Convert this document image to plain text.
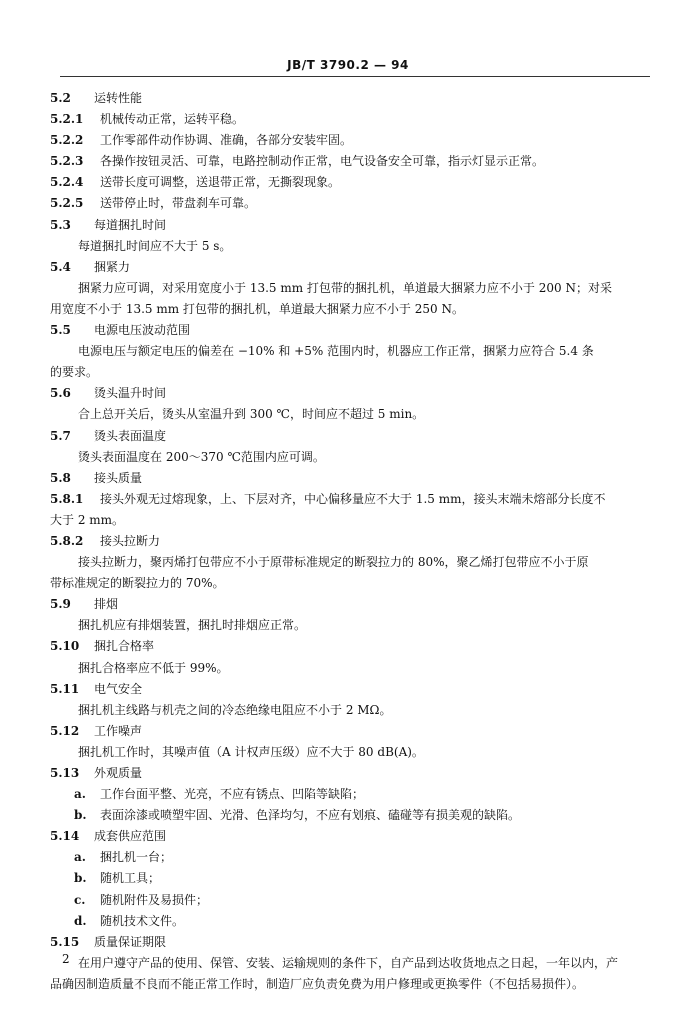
JB/T 3790.2 — 94
5.2 运转性能
5.2.1 机械传动正常，运转平稳。
5.2.2 工作零部件动作协调、准确，各部分安装牢固。
5.2.3 各操作按钮灵活、可靠，电路控制动作正常，电气设备安全可靠，指示灯显示正常。
5.2.4 送带长度可调整，送退带正常，无撕裂现象。
5.2.5 送带停止时，带盘刹车可靠。
5.3 每道捆扎时间
每道捆扎时间应不大于 5 s。
5.4 捆紧力
捆紧力应可调，对采用宽度小于 13.5 mm 打包带的捆扎机，单道最大捆紧力应不小于 200 N；对采
用宽度不小于 13.5 mm 打包带的捆扎机，单道最大捆紧力应不小于 250 N。
5.5 电源电压波动范围
电源电压与额定电压的偏差在 −10% 和 +5% 范围内时，机器应工作正常，捆紧力应符合 5.4 条
的要求。
5.6 烫头温升时间
合上总开关后，烫头从室温升到 300 ℃，时间应不超过 5 min。
5.7 烫头表面温度
烫头表面温度在 200～370 ℃范围内应可调。
5.8 接头质量
5.8.1 接头外观无过熔现象，上、下层对齐，中心偏移量应不大于 1.5 mm，接头末端未熔部分长度不
大于 2 mm。
5.8.2 接头拉断力
接头拉断力，聚丙烯打包带应不小于原带标准规定的断裂拉力的 80%，聚乙烯打包带应不小于原
带标准规定的断裂拉力的 70%。
5.9 排烟
捆扎机应有排烟装置，捆扎时排烟应正常。
5.10 捆扎合格率
捆扎合格率应不低于 99%。
5.11 电气安全
捆扎机主线路与机壳之间的冷态绝缘电阻应不小于 2 MΩ。
5.12 工作噪声
捆扎机工作时，其噪声值（A 计权声压级）应不大于 80 dB(A)。
5.13 外观质量
a. 工作台面平整、光亮，不应有锈点、凹陷等缺陷；
b. 表面涂漆或喷塑牢固、光滑、色泽均匀，不应有划痕、磕碰等有损美观的缺陷。
5.14 成套供应范围
a. 捆扎机一台；
b. 随机工具；
c. 随机附件及易损件；
d. 随机技术文件。
5.15 质量保证期限
在用户遵守产品的使用、保管、安装、运输规则的条件下，自产品到达收货地点之日起，一年以内，产
品确因制造质量不良而不能正常工作时，制造厂应负责免费为用户修理或更换零件（不包括易损件）。
2
